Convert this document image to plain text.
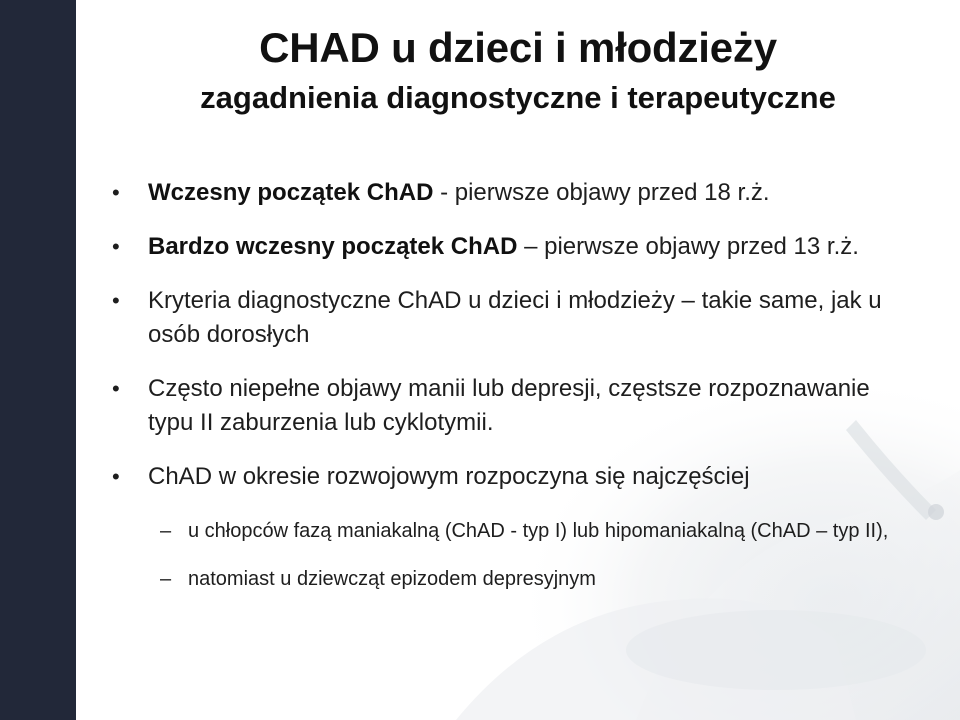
CHAD u dzieci i młodzieży
zagadnienia diagnostyczne i terapeutyczne
•	Wczesny początek ChAD - pierwsze objawy przed 18 r.ż.
•	Bardzo wczesny początek ChAD – pierwsze objawy przed 13 r.ż.
•	Kryteria diagnostyczne ChAD u dzieci i młodzieży – takie same, jak u osób dorosłych
•	Często niepełne objawy manii lub depresji, częstsze rozpoznawanie typu II zaburzenia lub cyklotymii.
•	ChAD w okresie rozwojowym rozpoczyna się najczęściej
– u chłopców fazą maniakalną (ChAD - typ I) lub hipomaniakalną (ChAD – typ II),
– natomiast u dziewcząt epizodem depresyjnym
